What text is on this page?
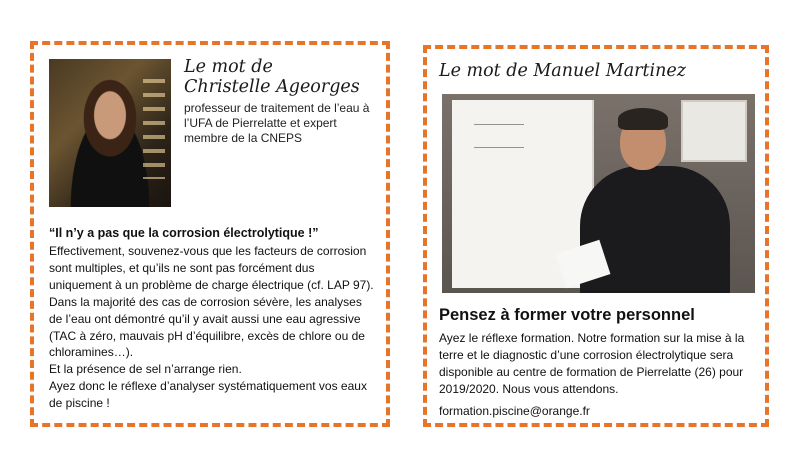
Le mot de
Christelle Ageorges
professeur de traitement de l’eau à l’UFA de Pierrelatte et expert membre de la CNEPS
“Il n’y a pas que la corrosion électrolytique !”

Effectivement, souvenez-vous que les facteurs de corrosion sont multiples, et qu’ils ne sont pas forcément dus uniquement à un problème de charge électrique (cf. LAP 97).

Dans la majorité des cas de corrosion sévère, les analyses de l’eau ont démontré qu’il y avait aussi une eau agressive (TAC à zéro, mauvais pH d’équilibre, excès de chlore ou de chloramines…).

Et la présence de sel n’arrange rien.

Ayez donc le réflexe d’analyser systématiquement vos eaux de piscine !

Le mot de Manuel Martinez
Pensez à former votre personnel

Ayez le réflexe formation. Notre formation sur la mise à la terre et le diagnostic d’une corrosion électrolytique sera disponible au centre de formation de Pierrelatte (26) pour 2019/2020. Nous vous attendons.

formation.piscine@orange.fr
